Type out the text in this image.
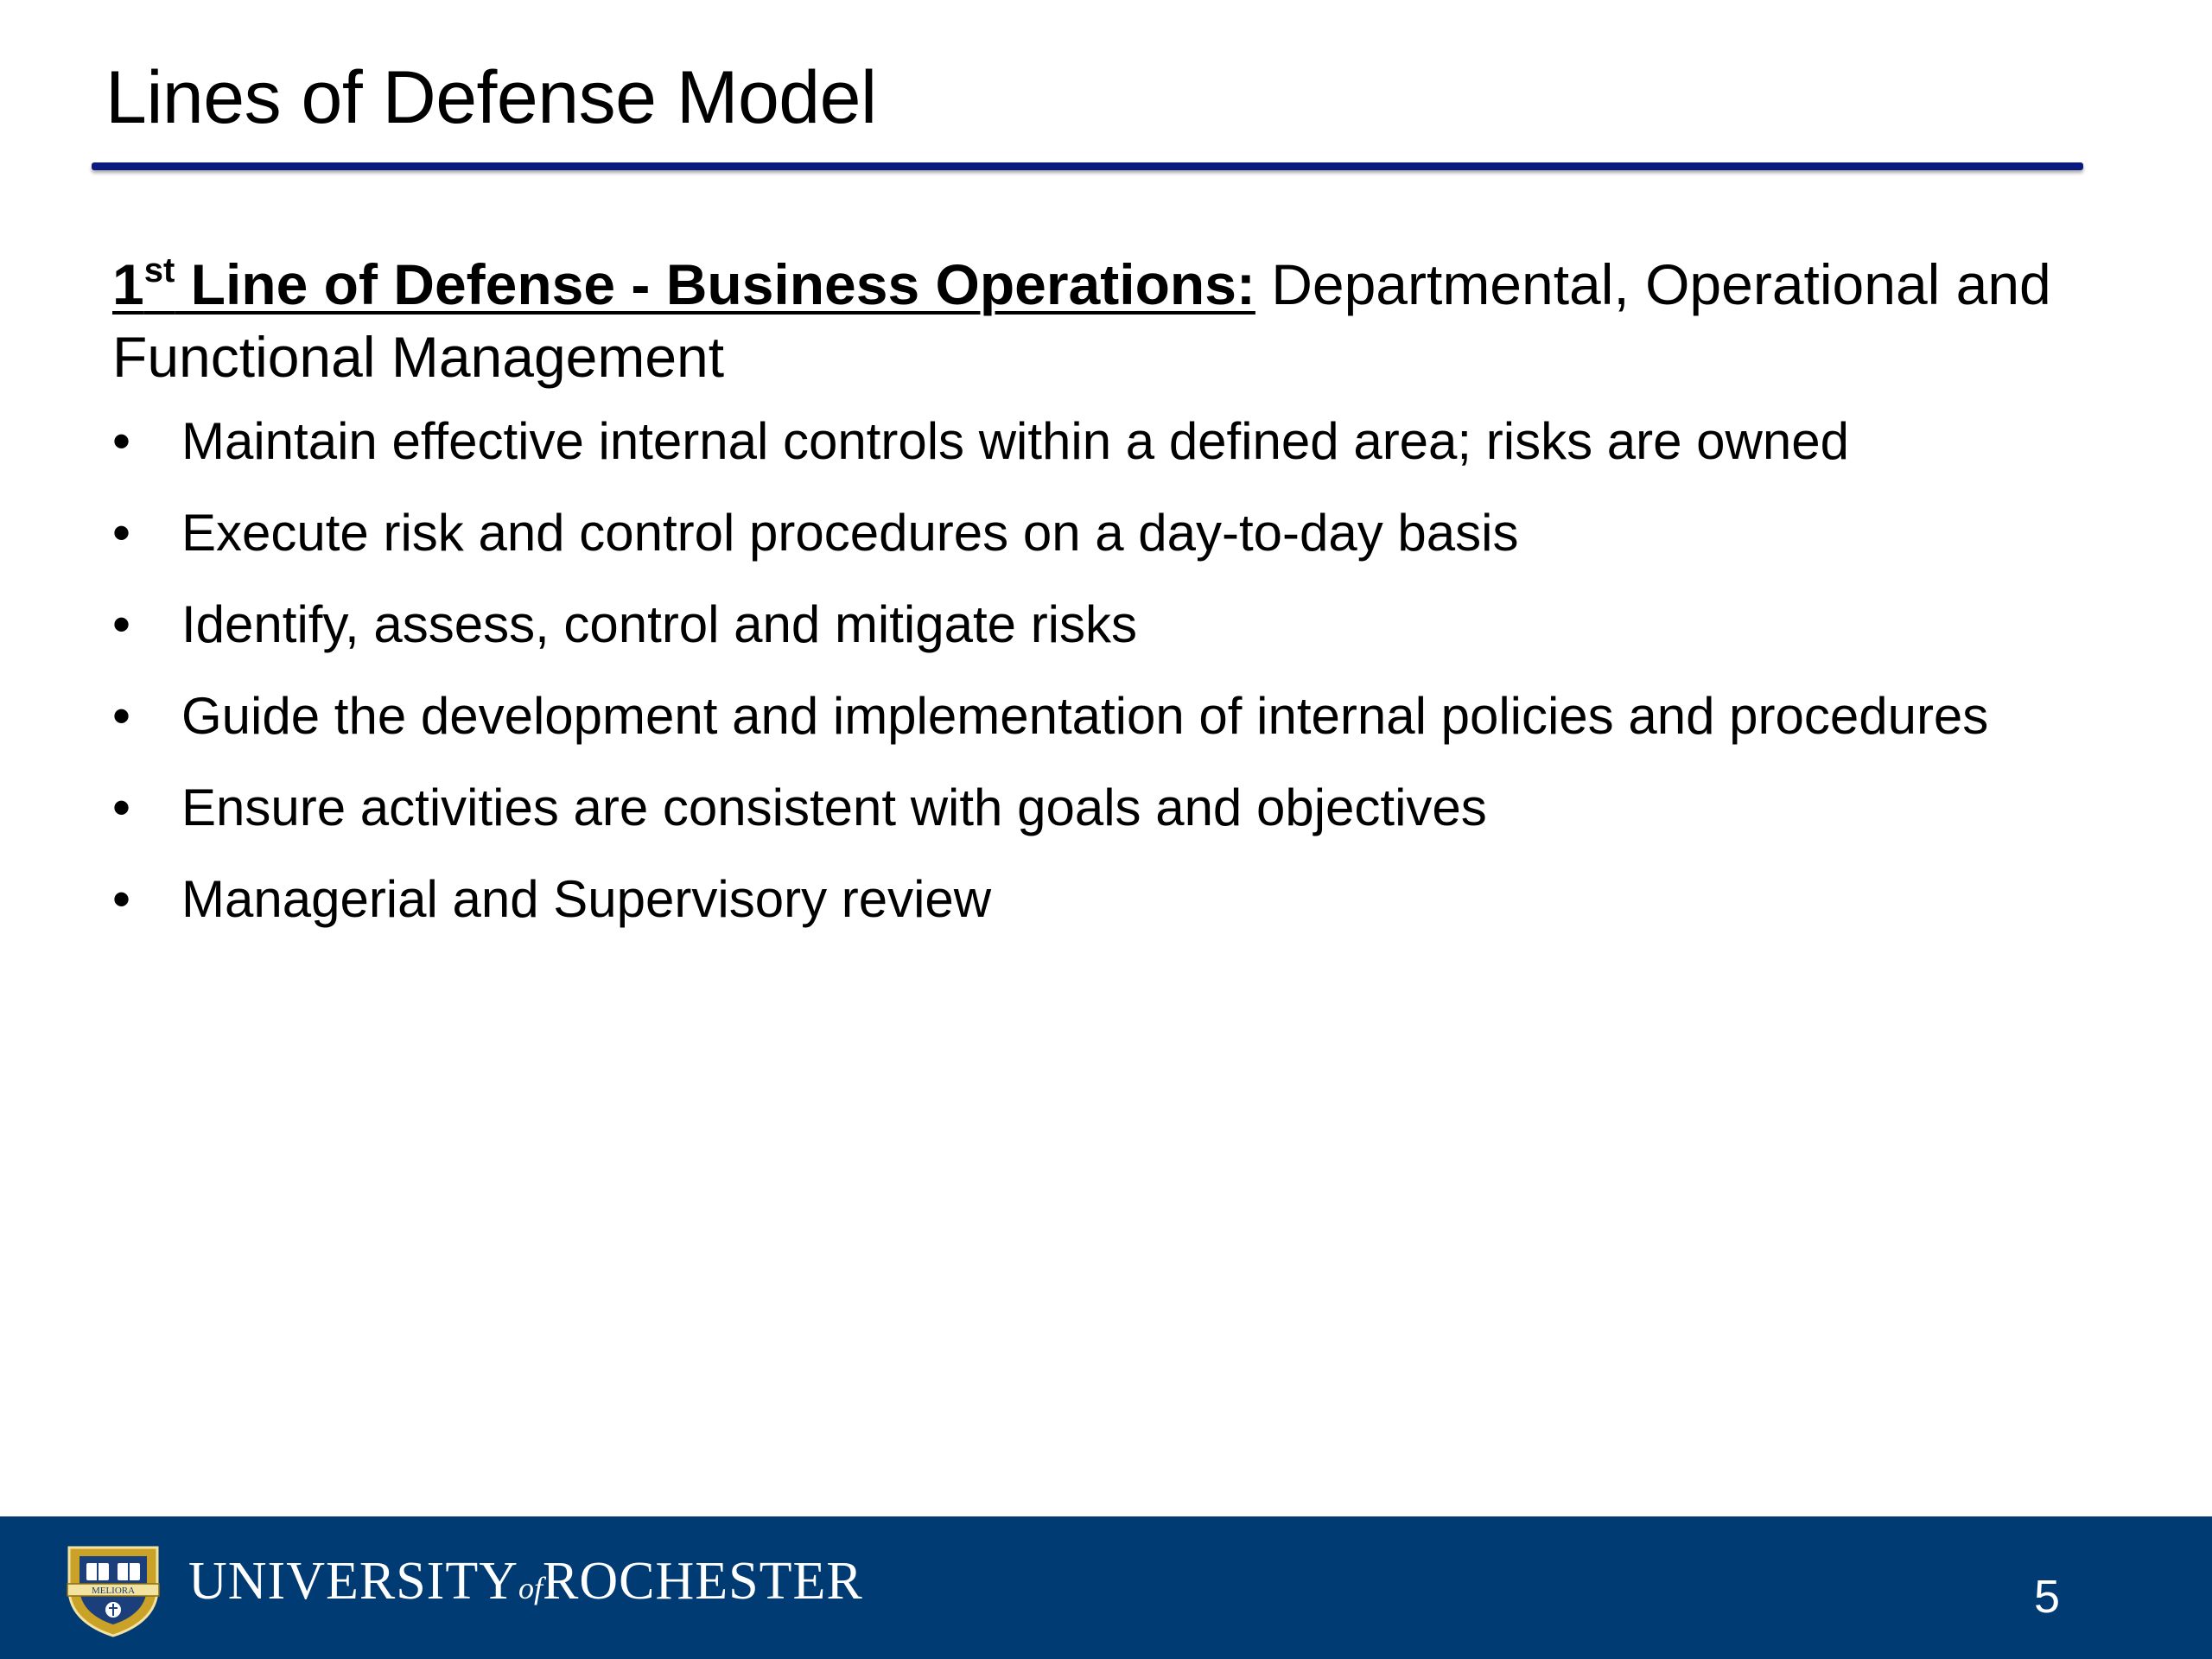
Lines of Defense Model

1st Line of Defense - Business Operations: Departmental, Operational and Functional Management

• Maintain effective internal controls within a defined area; risks are owned
• Execute risk and control procedures on a day-to-day basis
• Identify, assess, control and mitigate risks
• Guide the development and implementation of internal policies and procedures
• Ensure activities are consistent with goals and objectives
• Managerial and Supervisory review
MELIORA UNIVERSITYofROCHESTER	5
